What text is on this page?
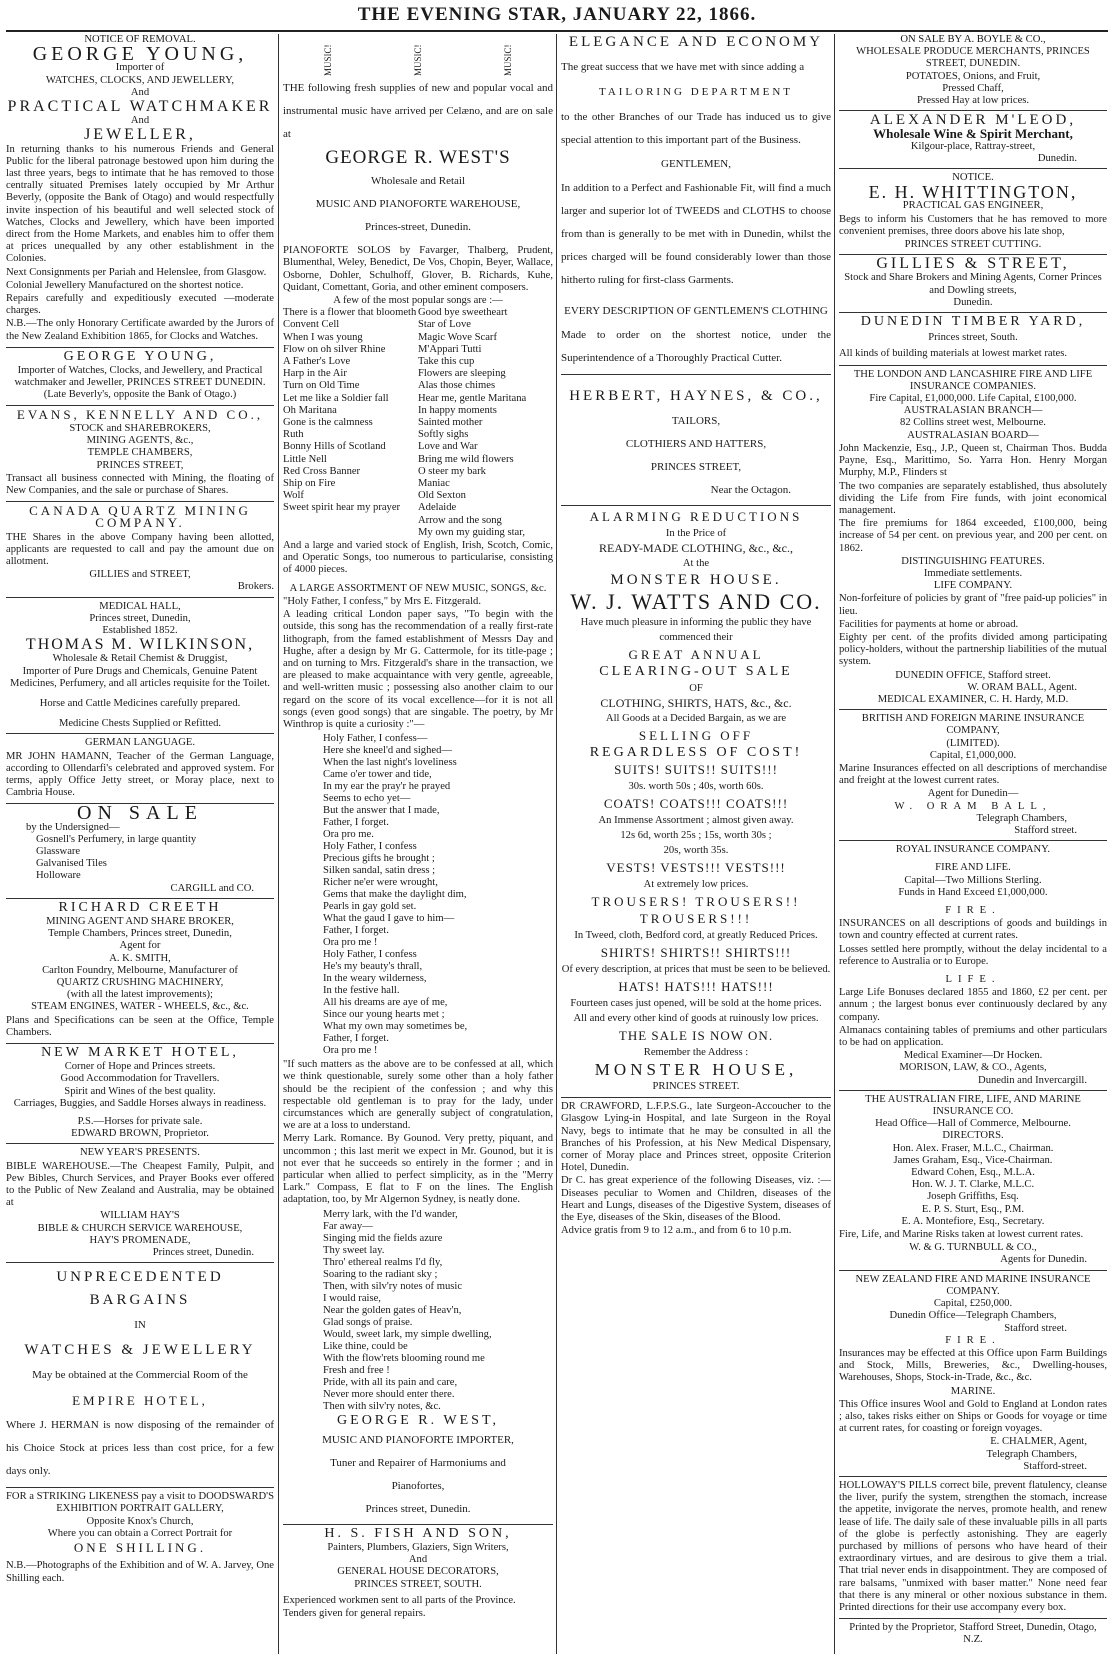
THE EVENING STAR, JANUARY 22, 1866.
NOTICE OF REMOVAL.
GEORGE YOUNG,
Importer of
WATCHES, CLOCKS, AND JEWELLERY,
And
PRACTICAL WATCHMAKER
And
JEWELLER,

In returning thanks to his numerous Friends and General Public for the liberal patronage bestowed upon him during the last three years, begs to intimate that he has removed to those centrally situated Premises lately occupied by Mr Arthur Beverly, (opposite the Bank of Otago) and would respectfully invite inspection of his beautiful and well selected stock of Watches, Clocks and Jewellery, which have been imported direct from the Home Markets, and enables him to offer them at prices unequalled by any other establishment in the Colonies.

Next Consignments per Pariah and Helenslee, from Glasgow.

Colonial Jewellery Manufactured on the shortest notice.

Repairs carefully and expeditiously executed —moderate charges.

N.B.—The only Honorary Certificate awarded by the Jurors of the New Zealand Exhibition 1865, for Clocks and Watches.

GEORGE YOUNG,
Importer of Watches, Clocks, and Jewellery, and Practical watchmaker and Jeweller, PRINCES STREET DUNEDIN.
(Late Beverly's, opposite the Bank of Otago.)
EVANS, KENNELLY AND CO.,
STOCK and SHAREBROKERS,
MINING AGENTS, &c.,
TEMPLE CHAMBERS,
PRINCES STREET,

Transact all business connected with Mining, the floating of New Companies, and the sale or purchase of Shares.

CANADA QUARTZ MINING COMPANY.

THE Shares in the above Company having been allotted, applicants are requested to call and pay the amount due on allotment.

GILLIES and STREET,
Brokers.
MEDICAL HALL,
Princes street, Dunedin,
Established 1852.
THOMAS M. WILKINSON,
Wholesale & Retail Chemist & Druggist,
Importer of Pure Drugs and Chemicals, Genuine Patent Medicines, Perfumery, and all articles requisite for the Toilet.
Horse and Cattle Medicines carefully prepared.
Medicine Chests Supplied or Refitted.
GERMAN LANGUAGE.

MR JOHN HAMANN, Teacher of the German Language, according to Ollendarfi's celebrated and approved system. For terms, apply Office Jetty street, or Moray place, next to Cambria House.

ON SALE
by the Undersigned—
Gosnell's Perfumery, in large quantity
Glassware
Galvanised Tiles
Holloware
CARGILL and CO.
RICHARD CREETH
MINING AGENT AND SHARE BROKER,
Temple Chambers, Princes street, Dunedin,
Agent for
A. K. SMITH,
Carlton Foundry, Melbourne, Manufacturer of
QUARTZ CRUSHING MACHINERY,
(with all the latest improvements);
STEAM ENGINES, WATER - WHEELS, &c., &c.

Plans and Specifications can be seen at the Office, Temple Chambers.

NEW MARKET HOTEL,
Corner of Hope and Princes streets.
Good Accommodation for Travellers.
Spirit and Wines of the best quality.
Carriages, Buggies, and Saddle Horses always in readiness.
P.S.—Horses for private sale.
EDWARD BROWN, Proprietor.
NEW YEAR'S PRESENTS.

BIBLE WAREHOUSE.—The Cheapest Family, Pulpit, and Pew Bibles, Church Services, and Prayer Books ever offered to the Public of New Zealand and Australia, may be obtained at

WILLIAM HAY'S
BIBLE & CHURCH SERVICE WAREHOUSE,
HAY'S PROMENADE,
Princes street, Dunedin.
UNPRECEDENTED BARGAINS
IN
WATCHES & JEWELLERY
May be obtained at the Commercial Room of the
EMPIRE HOTEL,

Where J. HERMAN is now disposing of the remainder of his Choice Stock at prices less than cost price, for a few days only.

FOR a STRIKING LIKENESS pay a visit to DOODSWARD'S
EXHIBITION PORTRAIT GALLERY,
Opposite Knox's Church,
Where you can obtain a Correct Portrait for
ONE SHILLING.

N.B.—Photographs of the Exhibition and of W. A. Jarvey, One Shilling each.

MUSIC!	MUSIC!	MUSIC!

THE following fresh supplies of new and popular vocal and instrumental music have arrived per Celæno, and are on sale at

GEORGE R. WEST'S
Wholesale and Retail
MUSIC AND PIANOFORTE WAREHOUSE,
Princes-street, Dunedin.

PIANOFORTE SOLOS by Favarger, Thalberg, Prudent, Blumenthal, Weley, Benedict, De Vos, Chopin, Beyer, Wallace, Osborne, Dohler, Schulhoff, Glover, B. Richards, Kuhe, Quidant, Comettant, Goria, and other eminent composers.

A few of the most popular songs are :—
There is a flower that bloometh
Convent Cell
When I was young
Flow on oh silver Rhine
A Father's Love
Harp in the Air
Turn on Old Time
Let me like a Soldier fall
Oh Maritana
Gone is the calmness
Ruth
Bonny Hills of Scotland
Little Nell
Red Cross Banner
Ship on Fire
Wolf
Sweet spirit hear my prayer
Good bye sweetheart
Star of Love
Magic Wove Scarf
M'Appari Tutti
Take this cup
Flowers are sleeping
Alas those chimes
Hear me, gentle Maritana
In happy moments
Sainted mother
Softly sighs
Love and War
Bring me wild flowers
O steer my bark
Maniac
Old Sexton
Adelaide
Arrow and the song
My own my guiding star,

And a large and varied stock of English, Irish, Scotch, Comic, and Operatic Songs, too numerous to particularise, consisting of 4000 pieces.

A LARGE ASSORTMENT OF NEW MUSIC, SONGS, &c.

"Holy Father, I confess," by Mrs E. Fitzgerald.

A leading critical London paper says, "To begin with the outside, this song has the recommendation of a really first-rate lithograph, from the famed establishment of Messrs Day and Hughe, after a design by Mr G. Cattermole, for its title-page ; and on turning to Mrs. Fitzgerald's share in the transaction, we are pleased to make acquaintance with very gentle, agreeable, and well-written music ; possessing also another claim to our regard on the score of its vocal excellence—for it is not all songs (even good songs) that are singable. The poetry, by Mr Winthrop is quite a curiosity :"—

Holy Father, I confess—
Here she kneel'd and sighed—
When the last night's loveliness
Came o'er tower and tide,
In my ear the pray'r he prayed
Seems to echo yet—
But the answer that I made,
Father, I forget.
Ora pro me.
Holy Father, I confess
Precious gifts he brought ;
Silken sandal, satin dress ;
Richer ne'er were wrought,
Gems that make the daylight dim,
Pearls in gay gold set.
What the gaud I gave to him—
Father, I forget.
Ora pro me !
Holy Father, I confess
He's my beauty's thrall,
In the weary wilderness,
In the festive hall.
All his dreams are aye of me,
Since our young hearts met ;
What my own may sometimes be,
Father, I forget.
Ora pro me !

"If such matters as the above are to be confessed at all, which we think questionable, surely some other than a holy father should be the recipient of the confession ; and why this respectable old gentleman is to pray for the lady, under circumstances which are generally subject of congratulation, we are at a loss to understand.

Merry Lark. Romance. By Gounod. Very pretty, piquant, and uncommon ; this last merit we expect in Mr. Gounod, but it is not ever that he succeeds so entirely in the former ; and in particular when allied to perfect simplicity, as in the "Merry Lark." Compass, E flat to F on the lines. The English adaptation, too, by Mr Algernon Sydney, is neatly done.

Merry lark, with the I'd wander,
Far away—
Singing mid the fields azure
Thy sweet lay.
Thro' ethereal realms I'd fly,
Soaring to the radiant sky ;
Then, with silv'ry notes of music
I would raise,
Near the golden gates of Heav'n,
Glad songs of praise.
Would, sweet lark, my simple dwelling,
Like thine, could be
With the flow'rets blooming round me
Fresh and free !
Pride, with all its pain and care,
Never more should enter there.
Then with silv'ry notes, &c.
GEORGE R. WEST,
MUSIC AND PIANOFORTE IMPORTER,
Tuner and Repairer of Harmoniums and
Pianofortes,
Princes street, Dunedin.
H. S. FISH AND SON,
Painters, Plumbers, Glaziers, Sign Writers,
And
GENERAL HOUSE DECORATORS,
PRINCES STREET, SOUTH.

Experienced workmen sent to all parts of the Province.

Tenders given for general repairs.

ELEGANCE AND ECONOMY

The great success that we have met with since adding a

TAILORING DEPARTMENT

to the other Branches of our Trade has induced us to give special attention to this important part of the Business.

GENTLEMEN,

In addition to a Perfect and Fashionable Fit, will find a much larger and superior lot of TWEEDS and CLOTHS to choose from than is generally to be met with in Dunedin, whilst the prices charged will be found considerably lower than those hitherto ruling for first-class Garments.

EVERY DESCRIPTION OF GENTLEMEN'S CLOTHING

Made to order on the shortest notice, under the Superintendence of a Thoroughly Practical Cutter.

HERBERT, HAYNES, & CO.,
TAILORS,
CLOTHIERS AND HATTERS,
PRINCES STREET,
Near the Octagon.
ALARMING REDUCTIONS
In the Price of
READY-MADE CLOTHING, &c., &c.,
At the
MONSTER HOUSE.
W. J. WATTS AND CO.
Have much pleasure in informing the public they have commenced their
GREAT ANNUAL
CLEARING-OUT SALE
OF
CLOTHING, SHIRTS, HATS, &c., &c.
All Goods at a Decided Bargain, as we are
SELLING OFF
REGARDLESS OF COST!
SUITS! SUITS!! SUITS!!!
30s. worth 50s ; 40s, worth 60s.
COATS! COATS!!! COATS!!!
An Immense Assortment ; almost given away.
12s 6d, worth 25s ; 15s, worth 30s ;
20s, worth 35s.
VESTS! VESTS!!! VESTS!!!
At extremely low prices.
TROUSERS! TROUSERS!!
TROUSERS!!!
In Tweed, cloth, Bedford cord, at greatly Reduced Prices.
SHIRTS! SHIRTS!! SHIRTS!!!
Of every description, at prices that must be seen to be believed.
HATS! HATS!!! HATS!!!
Fourteen cases just opened, will be sold at the home prices.
All and every other kind of goods at ruinously low prices.
THE SALE IS NOW ON.
Remember the Address :
MONSTER HOUSE,
PRINCES STREET.

DR CRAWFORD, L.F.P.S.G., late Surgeon-Accoucher to the Glasgow Lying-in Hospital, and late Surgeon in the Royal Navy, begs to intimate that he may be consulted in all the Branches of his Profession, at his New Medical Dispensary, corner of Moray place and Princes street, opposite Criterion Hotel, Dunedin.

Dr C. has great experience of the following Diseases, viz. :—Diseases peculiar to Women and Children, diseases of the Heart and Lungs, diseases of the Digestive System, diseases of the Eye, diseases of the Skin, diseases of the Blood.

Advice gratis from 9 to 12 a.m., and from 6 to 10 p.m.

ON SALE BY A. BOYLE & CO.,
WHOLESALE PRODUCE MERCHANTS, PRINCES STREET, DUNEDIN.
POTATOES, Onions, and Fruit,
Pressed Chaff,
Pressed Hay at low prices.
ALEXANDER M'LEOD,
Wholesale Wine & Spirit Merchant,
Kilgour-place, Rattray-street,
Dunedin.
NOTICE.
E. H. WHITTINGTON,
PRACTICAL GAS ENGINEER,

Begs to inform his Customers that he has removed to more convenient premises, three doors above his late shop,

PRINCES STREET CUTTING.
GILLIES & STREET,
Stock and Share Brokers and Mining Agents, Corner Princes and Dowling streets,
Dunedin.
DUNEDIN TIMBER YARD,
Princes street, South.

All kinds of building materials at lowest market rates.

THE LONDON AND LANCASHIRE FIRE AND LIFE INSURANCE COMPANIES.
Fire Capital, £1,000,000. Life Capital, £100,000.
AUSTRALASIAN BRANCH—
82 Collins street west, Melbourne.
AUSTRALASIAN BOARD—

John Mackenzie, Esq., J.P., Queen st, Chairman Thos. Budda Payne, Esq., Marittimo, So. Yarra Hon. Henry Morgan Murphy, M.P., Flinders st

The two companies are separately established, thus absolutely dividing the Life from Fire funds, with joint economical management.

The fire premiums for 1864 exceeded, £100,000, being increase of 54 per cent. on previous year, and 200 per cent. on 1862.

DISTINGUISHING FEATURES.
Immediate settlements.
LIFE COMPANY.

Non-forfeiture of policies by grant of "free paid-up policies" in lieu.

Facilities for payments at home or abroad.

Eighty per cent. of the profits divided among participating policy-holders, without the partnership liabilities of the mutual system.

DUNEDIN OFFICE, Stafford street.
W. ORAM BALL, Agent.
MEDICAL EXAMINER, C. H. Hardy, M.D.
BRITISH AND FOREIGN MARINE INSURANCE COMPANY,
(LIMITED).
Capital, £1,000,000.

Marine Insurances effected on all descriptions of merchandise and freight at the lowest current rates.

Agent for Dunedin—
W. ORAM BALL,
Telegraph Chambers,
Stafford street.
ROYAL INSURANCE COMPANY.
FIRE AND LIFE.
Capital—Two Millions Sterling.
Funds in Hand Exceed £1,000,000.
FIRE.

INSURANCES on all descriptions of goods and buildings in town and country effected at current rates.

Losses settled here promptly, without the delay incidental to a reference to Australia or to Europe.

LIFE.

Large Life Bonuses declared 1855 and 1860, £2 per cent. per annum ; the largest bonus ever continuously declared by any company.

Almanacs containing tables of premiums and other particulars to be had on application.

Medical Examiner—Dr Hocken.
MORISON, LAW, & CO., Agents,
Dunedin and Invercargill.
THE AUSTRALIAN FIRE, LIFE, AND MARINE INSURANCE CO.
Head Office—Hall of Commerce, Melbourne.
DIRECTORS.
Hon. Alex. Fraser, M.L.C., Chairman.
James Graham, Esq., Vice-Chairman.
Edward Cohen, Esq., M.L.A.
Hon. W. J. T. Clarke, M.L.C.
Joseph Griffiths, Esq.
E. P. S. Sturt, Esq., P.M.
E. A. Montefiore, Esq., Secretary.

Fire, Life, and Marine Risks taken at lowest current rates.

W. & G. TURNBULL & CO.,
Agents for Dunedin.
NEW ZEALAND FIRE AND MARINE INSURANCE COMPANY.
Capital, £250,000.
Dunedin Office—Telegraph Chambers,
Stafford street.
FIRE.

Insurances may be effected at this Office upon Farm Buildings and Stock, Mills, Breweries, &c., Dwelling-houses, Warehouses, Shops, Stock-in-Trade, &c., &c.

MARINE.

This Office insures Wool and Gold to England at London rates ; also, takes risks either on Ships or Goods for voyage or time at current rates, for coasting or foreign voyages.

E. CHALMER, Agent,
Telegraph Chambers,
Stafford-street.

HOLLOWAY'S PILLS correct bile, prevent flatulency, cleanse the liver, purify the system, strengthen the stomach, increase the appetite, invigorate the nerves, promote health, and renew lease of life. The daily sale of these invaluable pills in all parts of the globe is perfectly astonishing. They are eagerly purchased by millions of persons who have heard of their extraordinary virtues, and are desirous to give them a trial. That trial never ends in disappointment. They are composed of rare balsams, "unmixed with baser matter." None need fear that there is any mineral or other noxious substance in them. Printed directions for their use accompany every box.

Printed by the Proprietor, Stafford Street, Dunedin, Otago, N.Z.
